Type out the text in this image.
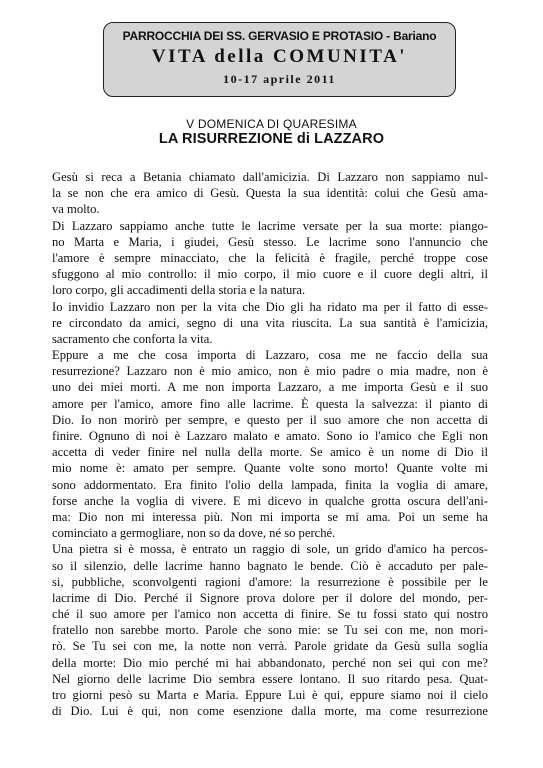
PARROCCHIA DEI SS. GERVASIO E PROTASIO - Bariano
VITA della COMUNITA'
10-17 aprile 2011
V DOMENICA DI QUARESIMA
LA RISURREZIONE di LAZZARO
Gesù si reca a Betania chiamato dall'amicizia. Di Lazzaro non sappiamo nul-
la se non che era amico di Gesù. Questa la sua identità: colui che Gesù ama-
va molto.
Di Lazzaro sappiamo anche tutte le lacrime versate per la sua morte: piango-
no Marta e Maria, i giudei, Gesù stesso. Le lacrime sono l'annuncio che
l'amore è sempre minacciato, che la felicità è fragile, perché troppe cose
sfuggono al mio controllo: il mio corpo, il mio cuore e il cuore degli altri, il
loro corpo, gli accadimenti della storia e la natura.
Io invidio Lazzaro non per la vita che Dio gli ha ridato ma per il fatto di esse-
re circondato da amici, segno di una vita riuscita. La sua santità è l'amicizia,
sacramento che conforta la vita.
Eppure a me che cosa importa di Lazzaro, cosa me ne faccio della sua
resurrezione? Lazzaro non è mio amico, non è mio padre o mia madre, non è
uno dei miei morti. A me non importa Lazzaro, a me importa Gesù e il suo
amore per l'amico, amore fino alle lacrime. È questa la salvezza: il pianto di
Dio. Io non morirò per sempre, e questo per il suo amore che non accetta di
finire. Ognuno di noi è Lazzaro malato e amato. Sono io l'amico che Egli non
accetta di veder finire nel nulla della morte. Se amico è un nome di Dio il
mio nome è: amato per sempre. Quante volte sono morto! Quante volte mi
sono addormentato. Era finito l'olio della lampada, finita la voglia di amare,
forse anche la voglia di vivere. E mi dicevo in qualche grotta oscura dell'ani-
ma: Dio non mi interessa più. Non mi importa se mi ama. Poi un seme ha
cominciato a germogliare, non so da dove, né so perché.
Una pietra si è mossa, è entrato un raggio di sole, un grido d'amico ha percos-
so il silenzio, delle lacrime hanno bagnato le bende. Ciò è accaduto per pale-
si, pubbliche, sconvolgenti ragioni d'amore: la resurrezione è possibile per le
lacrime di Dio. Perché il Signore prova dolore per il dolore del mondo, per-
ché il suo amore per l'amico non accetta di finire. Se tu fossi stato qui nostro
fratello non sarebbe morto. Parole che sono mie: se Tu sei con me, non mori-
rò. Se Tu sei con me, la notte non verrà. Parole gridate da Gesù sulla soglia
della morte: Dio mio perché mi hai abbandonato, perché non sei qui con me?
Nel giorno delle lacrime Dio sembra essere lontano. Il suo ritardo pesa. Quat-
tro giorni pesò su Marta e Maria. Eppure Lui è qui, eppure siamo noi il cielo
di Dio. Lui è qui, non come esenzione dalla morte, ma come resurrezione
